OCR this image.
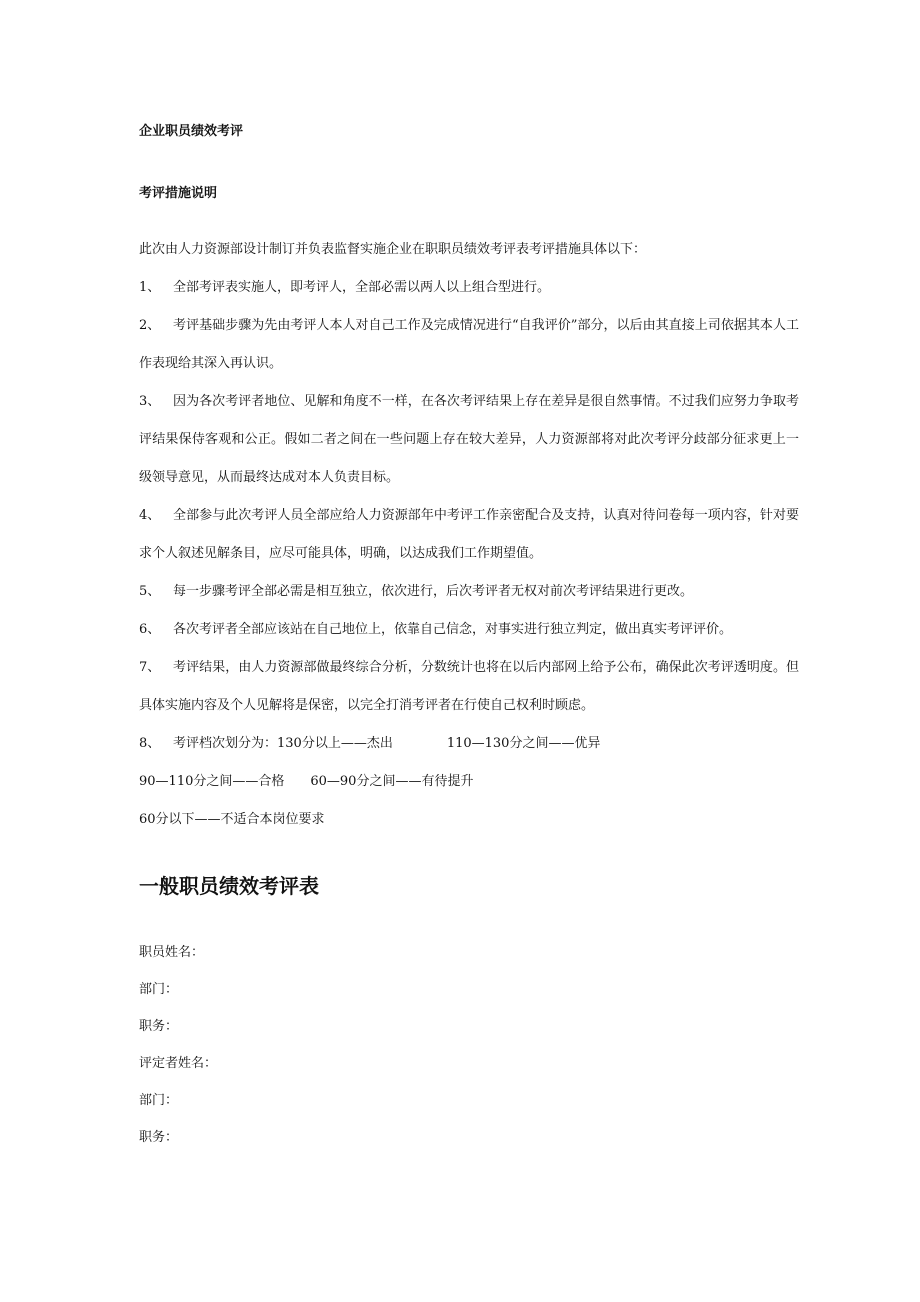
企业职员绩效考评
考评措施说明

此次由人力资源部设计制订并负表监督实施企业在职职员绩效考评表考评措施具体以下：

1、 全部考评表实施人，即考评人，全部必需以两人以上组合型进行。

2、 考评基础步骤为先由考评人本人对自己工作及完成情况进行“自我评价”部分，以后由其直接上司依据其本人工作表现给其深入再认识。

3、 因为各次考评者地位、见解和角度不一样，在各次考评结果上存在差异是很自然事情。不过我们应努力争取考评结果保侍客观和公正。假如二者之间在一些问题上存在较大差异，人力资源部将对此次考评分歧部分征求更上一级领导意见，从而最终达成对本人负责目标。

4、 全部参与此次考评人员全部应给人力资源部年中考评工作亲密配合及支持，认真对待问卷每一项内容，针对要求个人叙述见解条目，应尽可能具体，明确，以达成我们工作期望值。

5、 每一步骤考评全部必需是相互独立，依次进行，后次考评者无权对前次考评结果进行更改。

6、 各次考评者全部应该站在自己地位上，依靠自己信念，对事实进行独立判定，做出真实考评评价。

7、 考评结果，由人力资源部做最终综合分析，分数统计也将在以后内部网上给予公布，确保此次考评透明度。但具体实施内容及个人见解将是保密，以完全打消考评者在行使自己权利时顾虑。

8、 考评档次划分为：130分以上——杰出	110—130分之间——优异

90—110分之间——合格 60—90分之间——有待提升

60分以下——不适合本岗位要求

一般职员绩效考评表
职员姓名：
部门：
职务：
评定者姓名：
部门：
职务：
